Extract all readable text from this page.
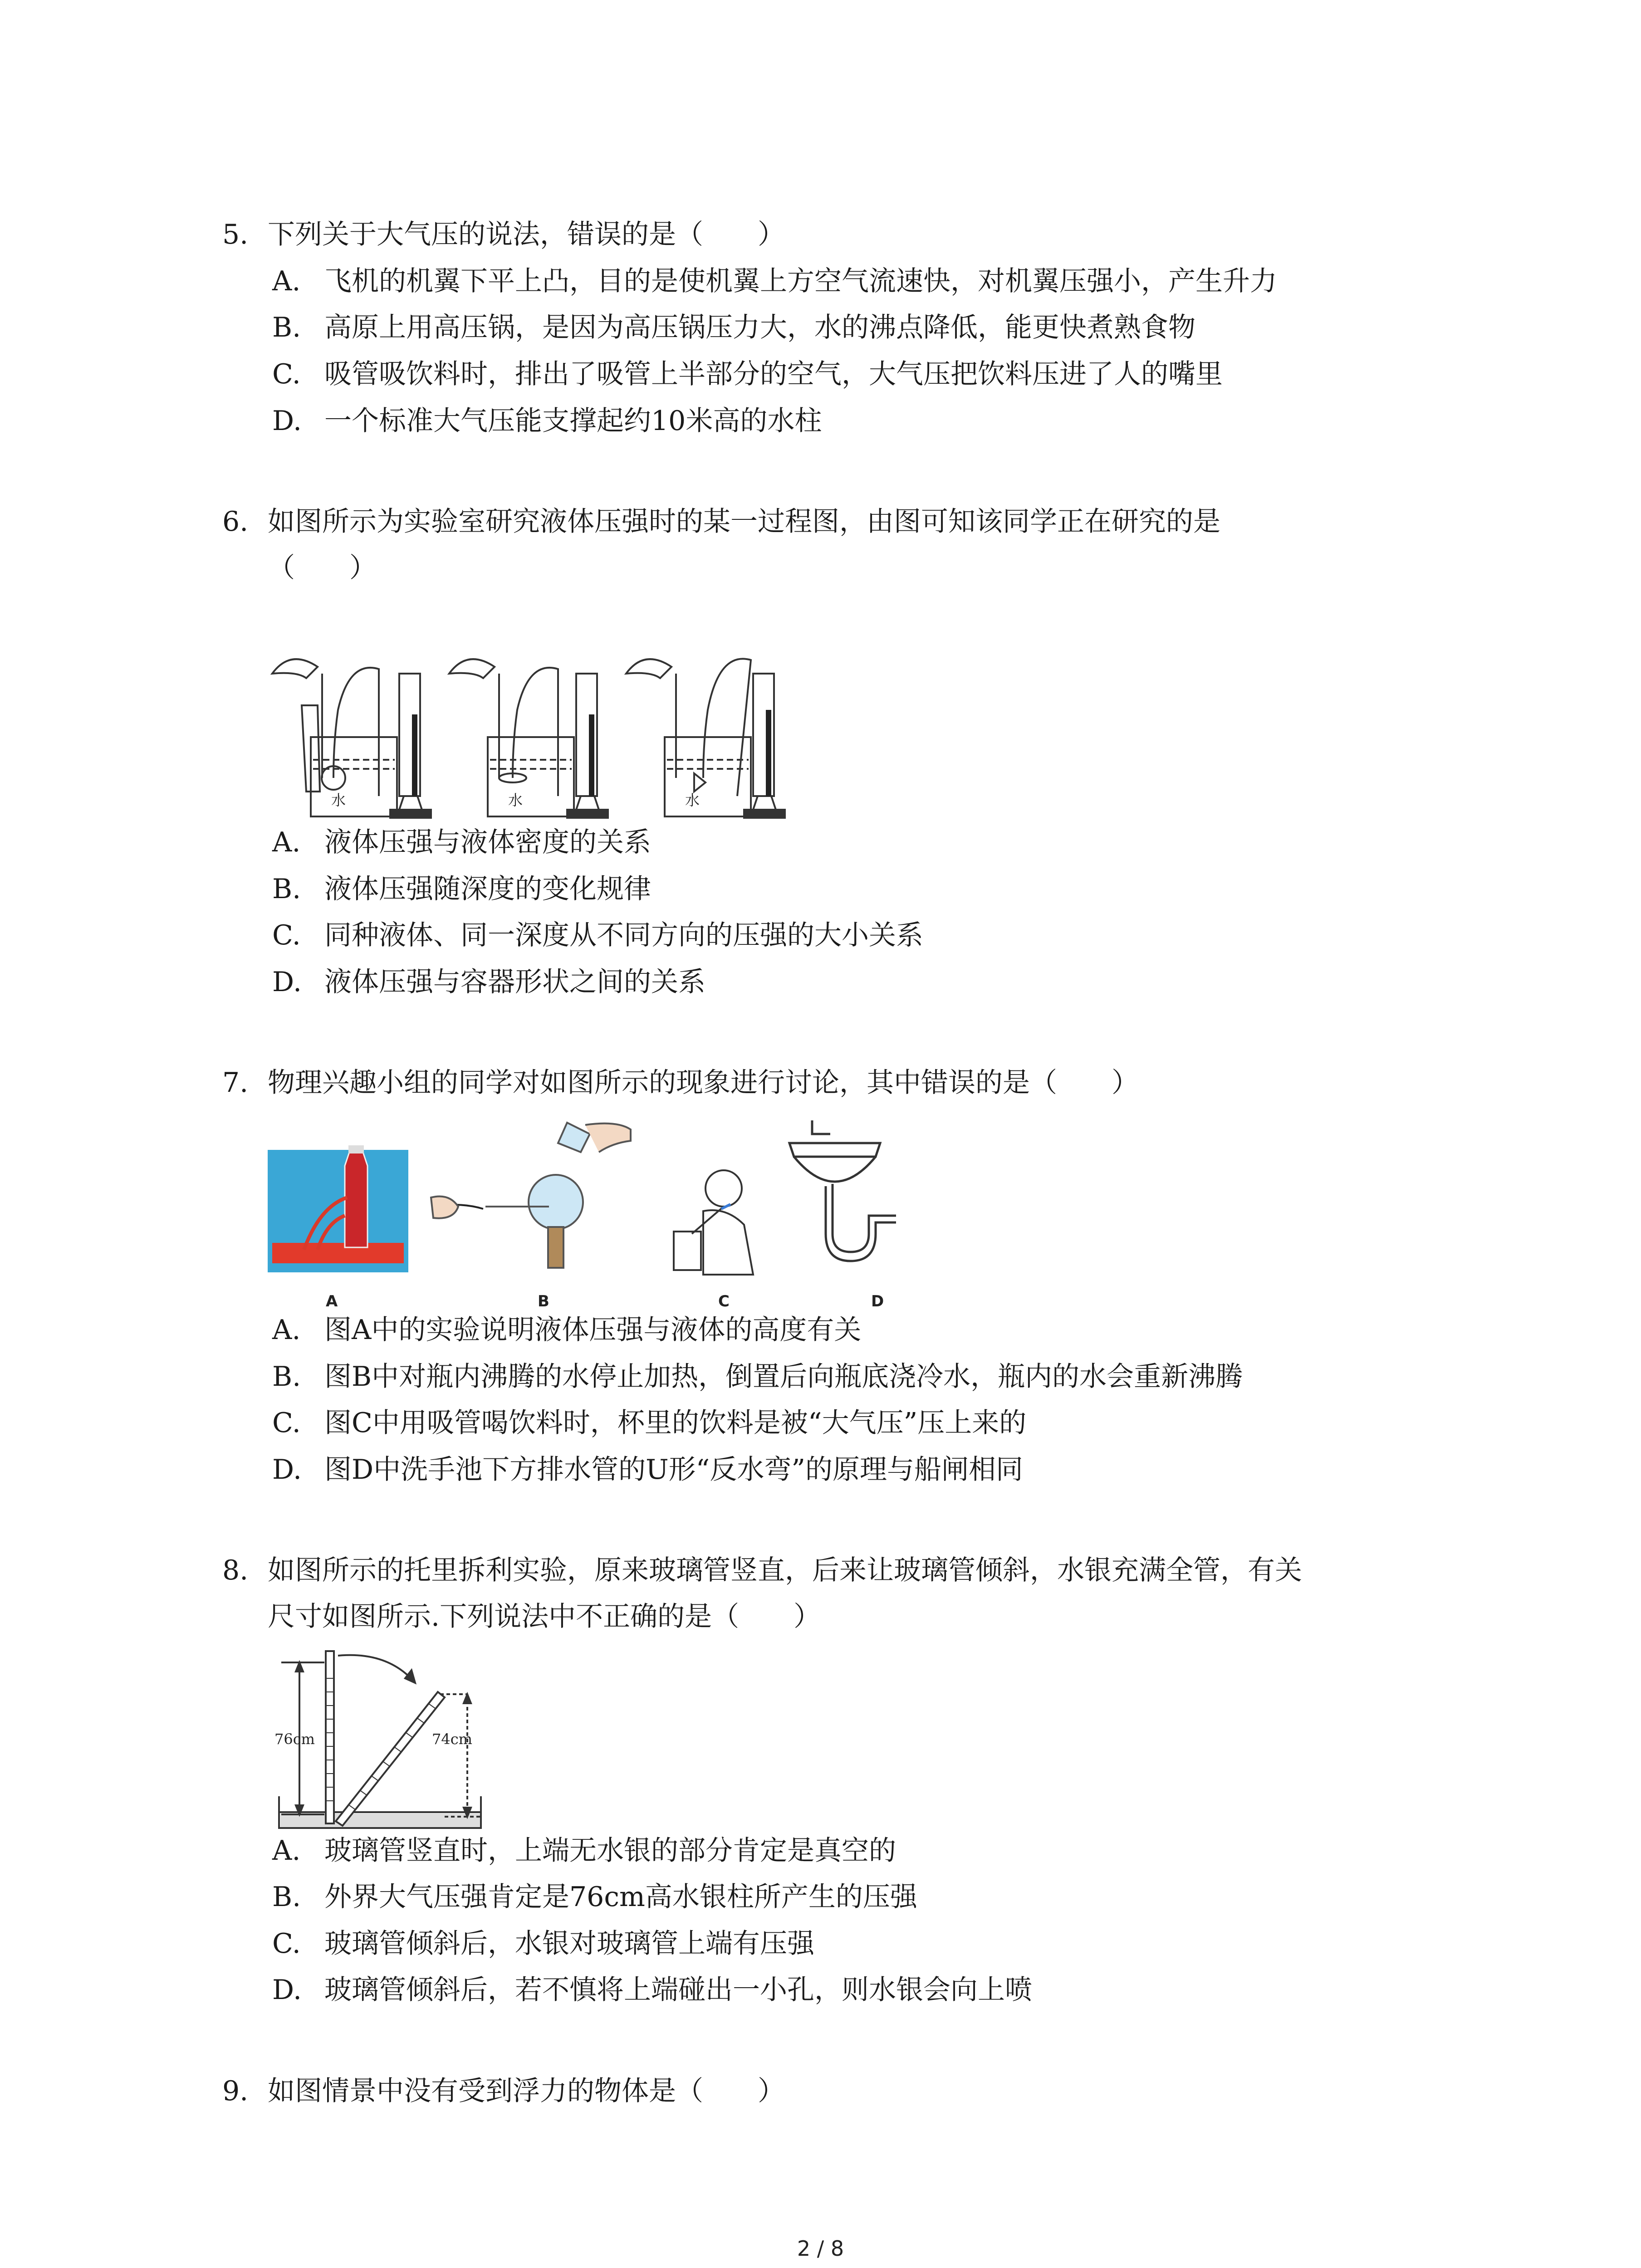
5. 下列关于大气压的说法，错误的是（　　）
A. 飞机的机翼下平上凸，目的是使机翼上方空气流速快，对机翼压强小，产生升力
B. 高原上用高压锅，是因为高压锅压力大，水的沸点降低，能更快煮熟食物
C. 吸管吸饮料时，排出了吸管上半部分的空气，大气压把饮料压进了人的嘴里
D. 一个标准大气压能支撑起约10米高的水柱
6. 如图所示为实验室研究液体压强时的某一过程图，由图可知该同学正在研究的是
（　　）
水	水	水
A. 液体压强与液体密度的关系
B. 液体压强随深度的变化规律
C. 同种液体、同一深度从不同方向的压强的大小关系
D. 液体压强与容器形状之间的关系
7. 物理兴趣小组的同学对如图所示的现象进行讨论，其中错误的是（　　）
A	B	C	D
A. 图A中的实验说明液体压强与液体的高度有关
B. 图B中对瓶内沸腾的水停止加热，倒置后向瓶底浇冷水，瓶内的水会重新沸腾
C. 图C中用吸管喝饮料时，杯里的饮料是被“大气压”压上来的
D. 图D中洗手池下方排水管的U形“反水弯”的原理与船闸相同
8. 如图所示的托里拆利实验，原来玻璃管竖直，后来让玻璃管倾斜，水银充满全管，有关
尺寸如图所示.下列说法中不正确的是（　　）
76cm	74cm
A. 玻璃管竖直时，上端无水银的部分肯定是真空的
B. 外界大气压强肯定是76cm高水银柱所产生的压强
C. 玻璃管倾斜后，水银对玻璃管上端有压强
D. 玻璃管倾斜后，若不慎将上端碰出一小孔，则水银会向上喷
9. 如图情景中没有受到浮力的物体是（　　）
2 / 8
